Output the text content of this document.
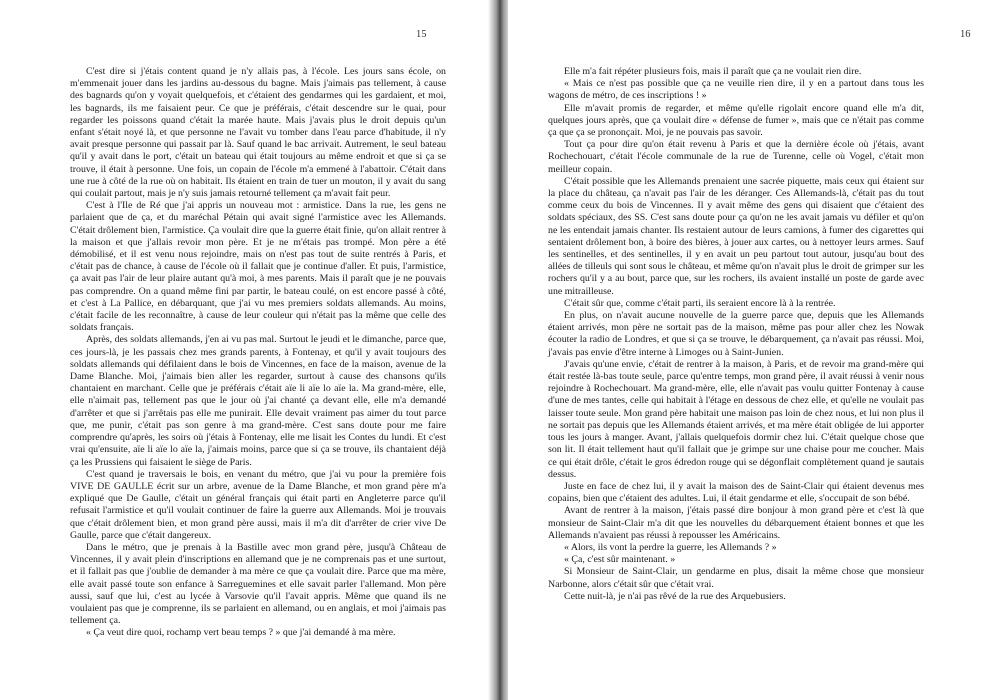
15

C'est dire si j'étais content quand je n'y allais pas, à l'école. Les jours sans école, on m'emmenait jouer dans les jardins au-dessous du bagne. Mais j'aimais pas tellement, à cause des bagnards qu'on y voyait quelquefois, et c'étaient des gendarmes qui les gardaient, et moi, les bagnards, ils me faisaient peur. Ce que je préférais, c'était descendre sur le quai, pour regarder les poissons quand c'était la marée haute. Mais j'avais plus le droit depuis qu'un enfant s'était noyé là, et que personne ne l'avait vu tomber dans l'eau parce d'habitude, il n'y avait presque personne qui passait par là. Sauf quand le bac arrivait. Autrement, le seul bateau qu'il y avait dans le port, c'était un bateau qui était toujours au même endroit et que si ça se trouve, il était à personne. Une fois, un copain de l'école m'a emmené à l'abattoir. C'était dans une rue à côté de la rue où on habitait. Ils étaient en train de tuer un mouton, il y avait du sang qui coulait partout, mais je n'y suis jamais retourné tellement ça m'avait fait peur.

C'est à l'Ile de Ré que j'ai appris un nouveau mot : armistice. Dans la rue, les gens ne parlaient que de ça, et du maréchal Pétain qui avait signé l'armistice avec les Allemands. C'était drôlement bien, l'armistice. Ça voulait dire que la guerre était finie, qu'on allait rentrer à la maison et que j'allais revoir mon père. Et je ne m'étais pas trompé. Mon père a été démobilisé, et il est venu nous rejoindre, mais on n'est pas tout de suite rentrés à Paris, et c'était pas de chance, à cause de l'école où il fallait que je continue d'aller. Et puis, l'armistice, ça avait pas l'air de leur plaire autant qu'à moi, à mes parents. Mais il paraît que je ne pouvais pas comprendre. On a quand même fini par partir, le bateau coulé, on est encore passé à côté, et c'est à La Pallice, en débarquant, que j'ai vu mes premiers soldats allemands. Au moins, c'était facile de les reconnaître, à cause de leur couleur qui n'était pas la même que celle des soldats français.

Après, des soldats allemands, j'en ai vu pas mal. Surtout le jeudi et le dimanche, parce que, ces jours-là, je les passais chez mes grands parents, à Fontenay, et qu'il y avait toujours des soldats allemands qui défilaient dans le bois de Vincennes, en face de la maison, avenue de la Dame Blanche. Moi, j'aimais bien aller les regarder, surtout à cause des chansons qu'ils chantaient en marchant. Celle que je préférais c'était aïe li aïe lo aïe la. Ma grand-mère, elle, elle n'aimait pas, tellement pas que le jour où j'ai chanté ça devant elle, elle m'a demandé d'arrêter et que si j'arrêtais pas elle me punirait. Elle devait vraiment pas aimer du tout parce que, me punir, c'était pas son genre à ma grand-mère. C'est sans doute pour me faire comprendre qu'après, les soirs où j'étais à Fontenay, elle me lisait les Contes du lundi. Et c'est vrai qu'ensuite, aïe li aïe lo aïe la, j'aimais moins, parce que si ça se trouve, ils chantaient déjà ça les Prussiens qui faisaient le siège de Paris.

C'est quand je traversais le bois, en venant du métro, que j'ai vu pour la première fois VIVE DE GAULLE écrit sur un arbre, avenue de la Dame Blanche, et mon grand père m'a expliqué que De Gaulle, c'était un général français qui était parti en Angleterre parce qu'il refusait l'armistice et qu'il voulait continuer de faire la guerre aux Allemands. Moi je trouvais que c'était drôlement bien, et mon grand père aussi, mais il m'a dit d'arrêter de crier vive De Gaulle, parce que c'était dangereux.

Dans le métro, que je prenais à la Bastille avec mon grand père, jusqu'à Château de Vincennes, il y avait plein d'inscriptions en allemand que je ne comprenais pas et une surtout, et il fallait pas que j'oublie de demander à ma mère ce que ça voulait dire. Parce que ma mère, elle avait passé toute son enfance à Sarreguemines et elle savait parler l'allemand. Mon père aussi, sauf que lui, c'est au lycée à Varsovie qu'il l'avait appris. Même que quand ils ne voulaient pas que je comprenne, ils se parlaient en allemand, ou en anglais, et moi j'aimais pas tellement ça.

« Ça veut dire quoi, rochamp vert beau temps ? » que j'ai demandé à ma mère.

16

Elle m'a fait répéter plusieurs fois, mais il paraît que ça ne voulait rien dire.

« Mais ce n'est pas possible que ça ne veuille rien dire, il y en a partout dans tous les wagons de métro, de ces inscriptions ! »

Elle m'avait promis de regarder, et même qu'elle rigolait encore quand elle m'a dit, quelques jours après, que ça voulait dire « défense de fumer », mais que ce n'était pas comme ça que ça se prononçait. Moi, je ne pouvais pas savoir.

Tout ça pour dire qu'on était revenu à Paris et que la dernière école où j'étais, avant Rochechouart, c'était l'école communale de la rue de Turenne, celle où Vogel, c'était mon meilleur copain.

C'était possible que les Allemands prenaient une sacrée piquette, mais ceux qui étaient sur la place du château, ça n'avait pas l'air de les déranger. Ces Allemands-là, c'était pas du tout comme ceux du bois de Vincennes. Il y avait même des gens qui disaient que c'étaient des soldats spéciaux, des SS. C'est sans doute pour ça qu'on ne les avait jamais vu défiler et qu'on ne les entendait jamais chanter. Ils restaient autour de leurs camions, à fumer des cigarettes qui sentaient drôlement bon, à boire des bières, à jouer aux cartes, ou à nettoyer leurs armes. Sauf les sentinelles, et des sentinelles, il y en avait un peu partout tout autour, jusqu'au bout des allées de tilleuls qui sont sous le château, et même qu'on n'avait plus le droit de grimper sur les rochers qu'il y a au bout, parce que, sur les rochers, ils avaient installé un poste de garde avec une mitrailleuse.

C'était sûr que, comme c'était parti, ils seraient encore là à la rentrée.

En plus, on n'avait aucune nouvelle de la guerre parce que, depuis que les Allemands étaient arrivés, mon père ne sortait pas de la maison, même pas pour aller chez les Nowak écouter la radio de Londres, et que si ça se trouve, le débarquement, ça n'avait pas réussi. Moi, j'avais pas envie d'être interne à Limoges ou à Saint-Junien.

J'avais qu'une envie, c'était de rentrer à la maison, à Paris, et de revoir ma grand-mère qui était restée là-bas toute seule, parce qu'entre temps, mon grand père, il avait réussi à venir nous rejoindre à Rochechouart. Ma grand-mère, elle, elle n'avait pas voulu quitter Fontenay à cause d'une de mes tantes, celle qui habitait à l'étage en dessous de chez elle, et qu'elle ne voulait pas laisser toute seule. Mon grand père habitait une maison pas loin de chez nous, et lui non plus il ne sortait pas depuis que les Allemands étaient arrivés, et ma mère était obligée de lui apporter tous les jours à manger. Avant, j'allais quelquefois dormir chez lui. C'était quelque chose que son lit. Il était tellement haut qu'il fallait que je grimpe sur une chaise pour me coucher. Mais ce qui était drôle, c'était le gros édredon rouge qui se dégonflait complètement quand je sautais dessus.

Juste en face de chez lui, il y avait la maison des de Saint-Clair qui étaient devenus mes copains, bien que c'étaient des adultes. Lui, il était gendarme et elle, s'occupait de son bébé.

Avant de rentrer à la maison, j'étais passé dire bonjour à mon grand père et c'est là que monsieur de Saint-Clair m'a dit que les nouvelles du débarquement étaient bonnes et que les Allemands n'avaient pas réussi à repousser les Américains.

« Alors, ils vont la perdre la guerre, les Allemands ? »

« Ça, c'est sûr maintenant. »

Si Monsieur de Saint-Clair, un gendarme en plus, disait la même chose que monsieur Narbonne, alors c'était sûr que c'était vrai.

Cette nuit-là, je n'ai pas rêvé de la rue des Arquebusiers.
